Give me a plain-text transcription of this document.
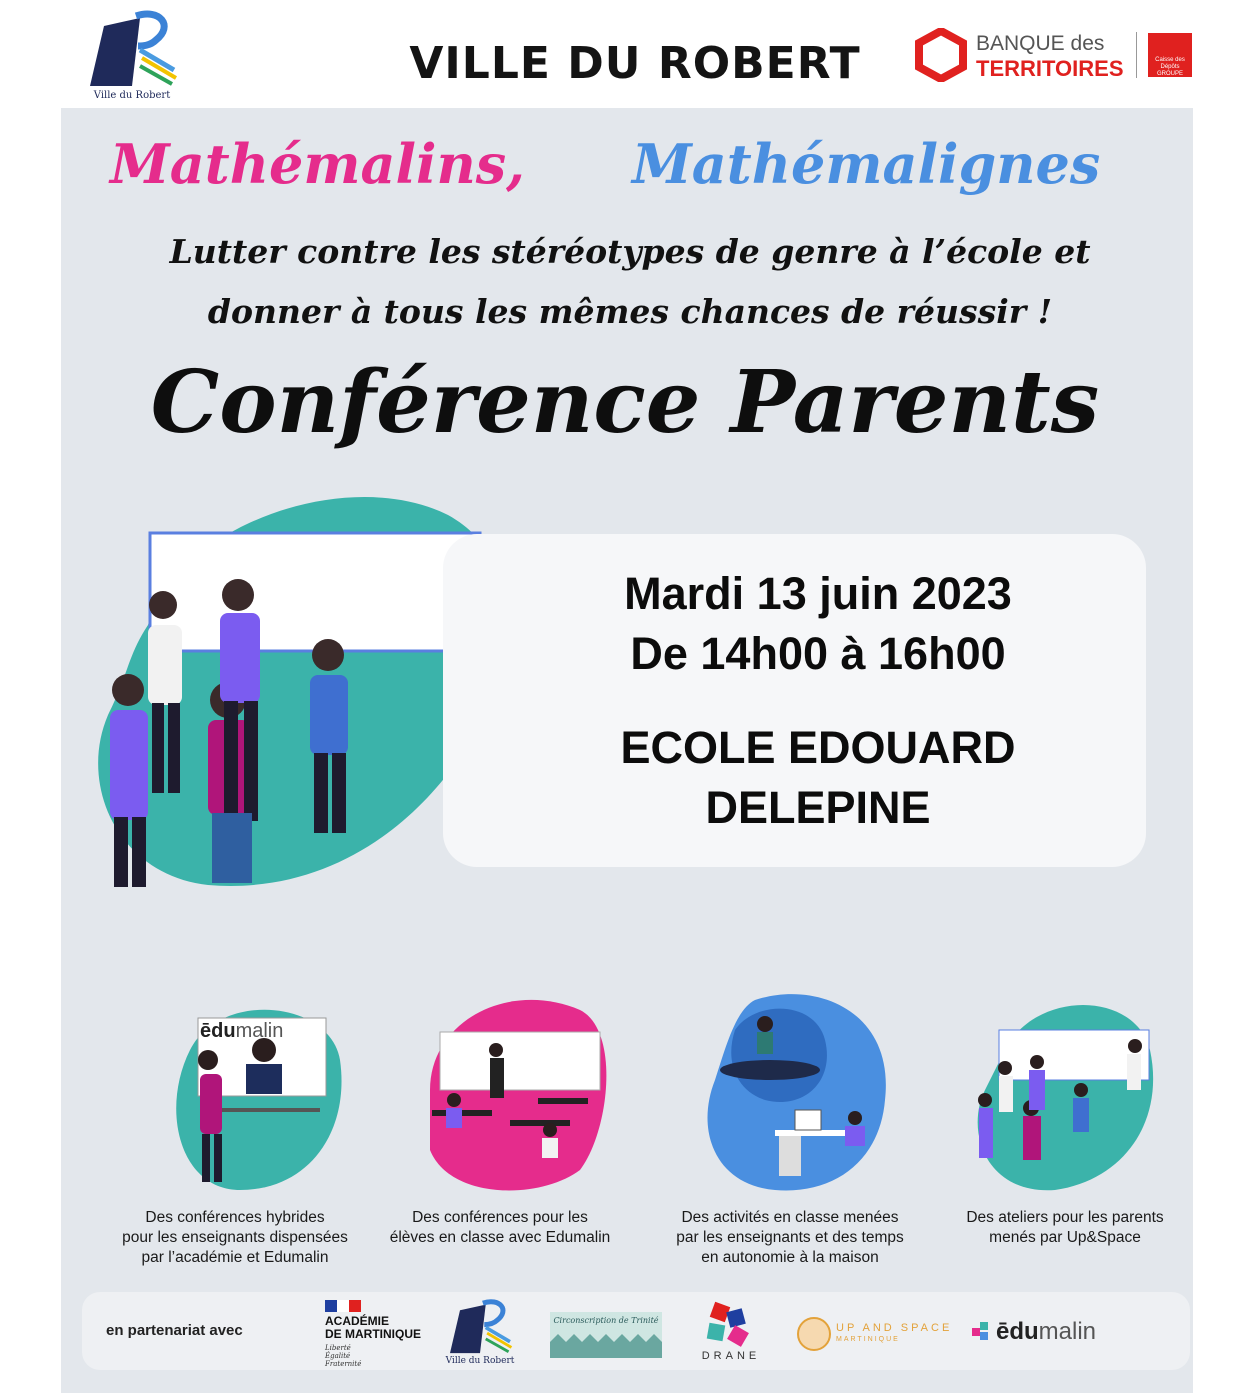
Ville du Robert
VILLE DU ROBERT	BANQUE des
TERRITOIRES	Caisse des Dépôts GROUPE
Mathémalins, Mathémalignes
Lutter contre les stéréotypes de genre à l’école et
donner à tous les mêmes chances de réussir !
Conférence Parents
Mardi 13 juin 2023
De 14h00 à 16h00
ECOLE EDOUARD
DELEPINE
ēdumalin
Des conférences hybrides
pour les enseignants dispensées
par l’académie et Edumalin
Des conférences pour les
élèves en classe avec Edumalin
Des activités en classe menées
par les enseignants et des temps
en autonomie à la maison
Des ateliers pour les parents
menés par Up&Space
en partenariat avec
ACADÉMIE
DE MARTINIQUE
Liberté
Égalité
Fraternité	Ville du Robert
Circonscription de Trinité
DRANE
UP AND SPACE
MARTINIQUE	ēdumalin
